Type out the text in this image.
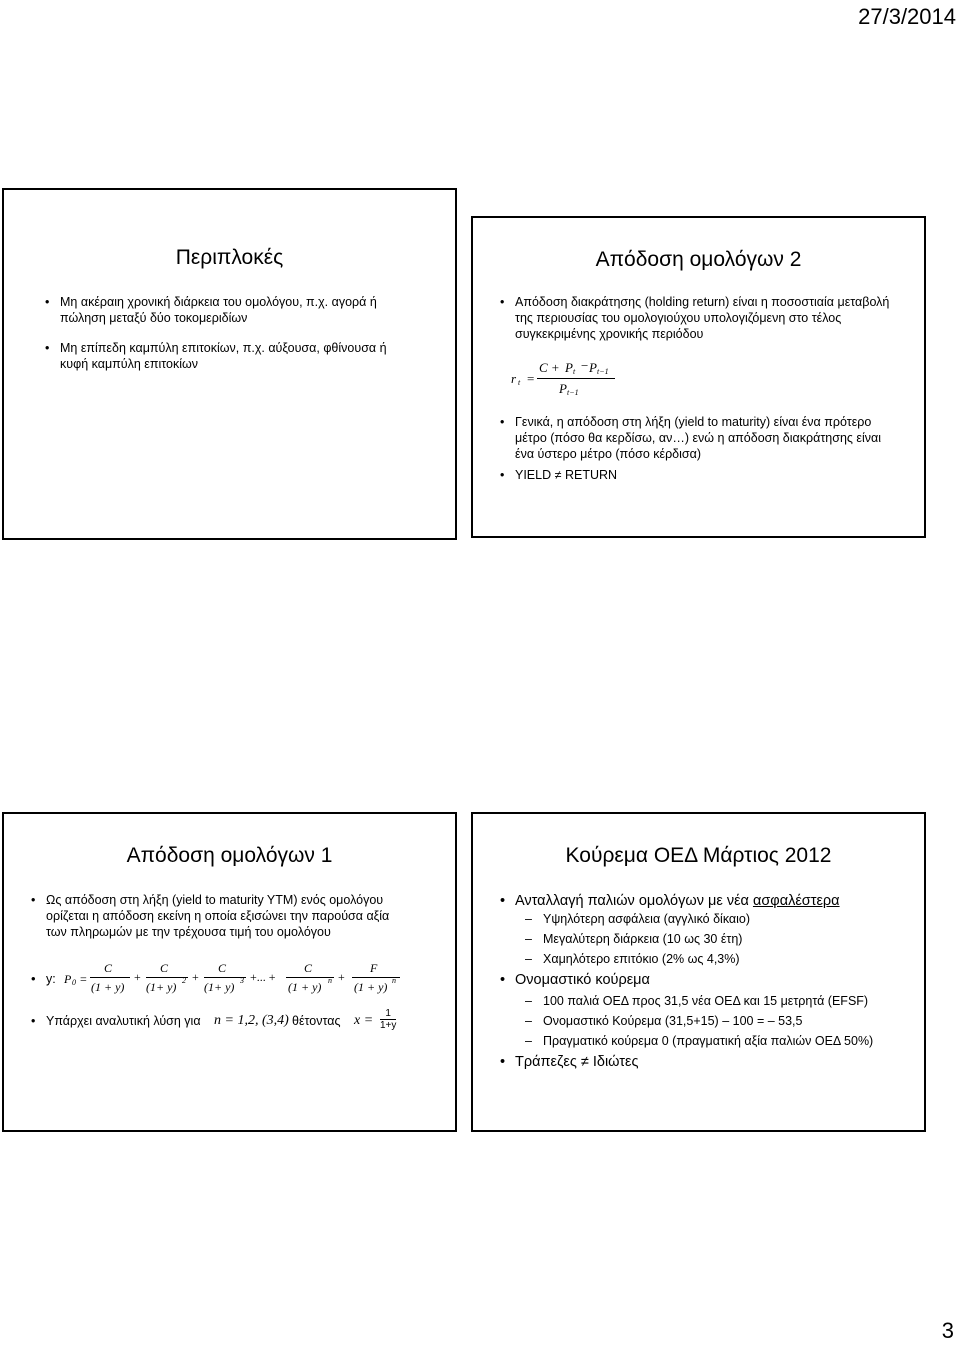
27/3/2014
Περιπλοκές
• Μη ακέραιη χρονική διάρκεια του ομολόγου, π.χ. αγορά ή πώληση μεταξύ δύο τοκομεριδίων
• Μη επίπεδη καμπύλη επιτοκίων, π.χ. αύξουσα, φθίνουσα ή κυφή καμπύλη επιτοκίων
Απόδοση ομολόγων 2
• Απόδοση διακράτησης (holding return) είναι η ποσοστιαία μεταβολή της περιουσίας του ομολογιούχου υπολογιζόμενη στο τέλος συγκεκριμένης χρονικής περιόδου
r t =
C + P t − P t−1
P t−1
• Γενικά, η απόδοση στη λήξη (yield to maturity) είναι ένα πρότερο μέτρο (πόσο θα κερδίσω, αν…) ενώ η απόδοση διακράτησης είναι ένα ύστερο μέτρο (πόσο κέρδισα)
• YIELD ≠ RETURN
Απόδοση ομολόγων 1
• Ως απόδοση στη λήξη (yield to maturity YTM) ενός ομολόγου ορίζεται η απόδοση εκείνη η οποία εξισώνει την παρούσα αξία των πληρωμών με την τρέχουσα τιμή του ομολόγου
• y: P 0 =
C
(1 + y)
+
C
(1+ y) 2 +
C
(1+ y) 3 +... +
C
(1 + y) n +
F
(1 + y) n
• Υπάρχει αναλυτική λύση για n = 1,2, (3,4) θέτοντας $x = \frac{1}{1+y}$
Κούρεμα ΟΕΔ Μάρτιος 2012
• Ανταλλαγή παλιών ομολόγων με νέα ασφαλέστερα
– Υψηλότερη ασφάλεια (αγγλικό δίκαιο)
– Μεγαλύτερη διάρκεια (10 ως 30 έτη)
– Χαμηλότερο επιτόκιο (2% ως 4,3%)
• Ονομαστικό κούρεμα
– 100 παλιά ΟΕΔ προς 31,5 νέα ΟΕΔ και 15 μετρητά (EFSF)
– Ονομαστικό Κούρεμα (31,5+15) – 100 = – 53,5
– Πραγματικό κούρεμα 0 (πραγματική αξία παλιών ΟΕΔ 50%)
• Τράπεζες ≠ Ιδιώτες
3
